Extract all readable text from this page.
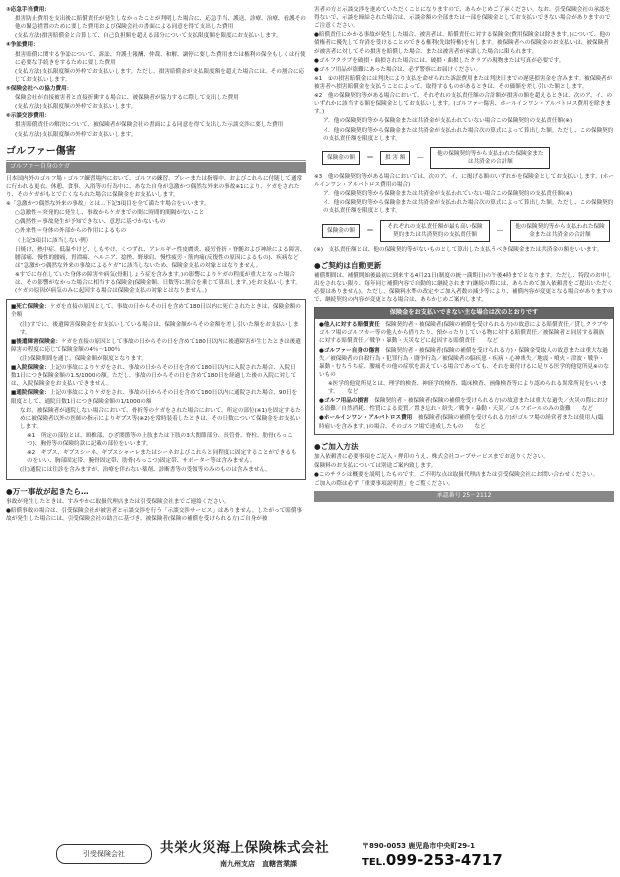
③応急手当費用：

損害防止費用を支出後に賠償責任が発生しなかったことが判明した場合に、応急手当、護送、診療、治療、看護その他の緊急措置のために要した費用および保険会社の書面による同意を得て支出した費用

(支払方法)損害賠償金と合算して、自己負担額を超える部分について支払限度額を限度にお支払いします。

④争訟費用：

損害賠償に関する争訟について、訴訟、弁護士報酬、仲裁、和解、調停に要した費用または権利の保全もしくは行使に必要な手続きをするために要した費用

(支払方法)支払限度額の外枠でお支払いします。ただし、損害賠償金が支払限度額を超えた場合には、その割合に応じてお支払いします。

⑤保険会社への協力費用：

保険会社が直接被害者と直接折衝する場合に、被保険者が協力するに際して支出した費用

(支払方法)支払限度額の外枠でお支払いします。

⑥示談交渉費用：

損害賠償責任の解決について、被保険者が保険会社の書面による同意を得て支出した示談交渉に要した費用

(支払方法)支払限度額の外枠でお支払いします。

ゴルファー傷害
ゴルファー自身のケガ

日本国内外のゴルフ場・ゴルフ練習場内において、ゴルフの練習、プレーまたは指導中、およびこれらに付随して通常に行われる更衣、休憩、食事、入浴等の行為中に、あなた自身が急激かつ偶然な外来の事故※1により、ケガをされたり、そのケガがもとで亡くなられた場合に保険金をお支払いします。

※「急激かつ偶然な外来の事故」とは…下記3項目を全て満たす場合をいいます。

○急激性＝突発的に発生し、事故からケガまでの間に時間的間隔がないこと

○偶然性＝事故発生が予知できない、意思に基づかないもの

○外来性＝身体の外部からの作用によるもの

（上記3項目に該当しない例）

日焼け、熱中症、低温やけど、しもやけ、くつずれ、アレルギー性皮膚炎、疲労骨折・脊髄および神経による障害、腰部痛、慢性的腰痛、胃潰瘍、ヘルニア、捻挫、野球肩、慢性疲労・筋肉痛(反復性の原因によるもの)、疾病など は“急激かつ偶然な外来の事故によるケガ”に該当しないため、保険金支払の対象とはなりません。

※すでに存在していた身体の障害や病気(骨粗しょう症を含みます。)の影響によりケガの程度が重大となった場合は、その影響がなかった場合に相当する保険金(保険金額、日数等に割合を乗じて算出します。)をお支払いします。(ケガの原因が病気のみに起因する場合は保険金支払の対象とはなりません。)

■死亡保険金：ケガを直接の原因として、事故の日からその日を含めて180日以内に死亡されたときは、保険金額の全額

(注)すでに、後遺障害保険金をお支払いしている場合は、保険金額からその金額を差し引いた額をお支払いします。

■後遺障害保険金：ケガを直接の原因として事故の日からその日を含めて180日以内に後遺障害が生じたときは後遺障害の程度に応じて保険金額の4％～100％

(注)保険期間を通じ、保険金額が限度となります。

■入院保険金：上記の事故によりケガをされ、事故の日からその日を含めて180日以内に入院された場合、入院日数1日につき保険金額の1.5/1000の額。ただし、事故の日からその日を含めて180日を経過した後の入院に対しては、入院保険金をお支払いできません。

■通院保険金：上記の事故によりケガをされ、事故の日からその日を含めて180日以内に通院された場合、90日を限度として、通院日数1日につき保険金額の1/1000の額

なお、被保険者が通院しない場合において、骨折等のケガをされた場合において、所定の部位(※1)を固定するために被保険者以外の医師の指示によりギプス等(※2)を常時装着したときは、その日数について保険金をお支払いします。

※1　所定の部位とは、頸椎部、ひざ関節等の上肢または下肢の3大関節部分、長管骨、脊柱、肋骨(ろっこつ)、胸骨等の保険約款に記載の部位をいいます。

※2　ギプス、ギプスシーネ、ギプスシャーレまたはシーネおよびこれらと同程度に固定することができるものをいい、胸部固定帯、腕骨固定帯、肋骨(ろっこつ)固定帯、サポーター等は含みません。

(注)通院には往診を含みますが、治療を伴わない薬剤、診断書等の受領等のみのものは含みません。

●万一事故が起きたら…

事故が発生したときは、すみやかに取扱代理店または引受保険会社までご連絡ください。

●賠償事故の場合は、引受保険会社が被害者と示談交渉を行う「示談交渉サービス」はありません。したがって賠償事故が発生した場合には、引受保険会社の助言に基づき、被保険者(保険の補償を受けられる方)ご自身が被

害者の方と示談交渉を進めていただくことになりますので、あらかじめご了承ください。なお、引受保険会社の承認を得ないで、示談を締結された場合は、示談金額の全部または一部を保険金としてお支払いできない場合がありますのでご注意ください。

●賠償責任にかかる事故が発生した場合、被害者は、賠償責任に対する保険金(費用保険金は除きます。)について、他の債権者に優先して弁済を受けることのできる権利(先取特権)を有します。被保険者への保険金のお支払いは、被保険者が被害者に対してその損害を賠償した場合、または被害者が承諾した場合に限られます。

●ゴルフクラブを破損・曲損された場合には、破損・曲損したクラブの現物または写真が必要です。

●ゴルフ用品が盗難にあった場合は、必ず警察にお届けください。

※1　①の損害賠償金には判決により支払を命ぜられた訴訟費用または判決日までの遅延損害金を含みます。被保険者が被害者へ損害賠償金を支払うことによって、取得するものがあるときは、その価額を差し引いた額とします。

※2　他の保険契約等がある場合において、それぞれの支払責任額の合計額が損害の額を超えるときは、次のア、イ、のいずれかに該当する額を保険金としてお支払いします。(ゴルファー傷害、ホールインワン・アルバトロス費用を除きます。)

ア．他の保険契約等から保険金または共済金が支払われていない場合この保険契約の支払責任額(※)

イ．他の保険契約等から保険金または共済金が支払われた場合次の算式によって算出した額。ただし、この保険契約の支払責任額を限度とします。

保険金の額	＝	損 害 額	－	他の保険契約等から支払われた保険金または共済金の合計額

※3　他の保険契約等がある場合においては、次のア、イ、に掲げる額のいずれかを保険金としてお支払いします。(ホールインワン・アルバトロス費用の場合)

ア．他の保険契約等から保険金または共済金が支払われていない場合この保険契約の支払責任額(※)

イ．他の保険契約等から保険金または共済金が支払われた場合次の算式によって算出した額。ただし、この保険契約の支払責任額を限度とします。

保険金の額	＝	それぞれの支払責任額が最も高い保険契約または共済契約の支払責任額	－	他の保険契約等から支払われた保険金または共済金の合計額

(※)　支払責任額とは、他の保険契約等がないものとして算出した支払うべき保険金または共済金の額をいいます。

●ご契約は自動更新

補償期間は、補償開始後最初に到来する4月21日(制度の統一満期日)の午後4時までとなります。ただし、特段のお申し出をされない限り、毎年同じ補償内容で自動的に継続されます(継続の際には、あらためて加入依頼書をご提出いただく必要はありません)。ただし、保険料水準の改定やご加入者数の減少等により、補償内容が変更となる場合がありますので、継続契約の内容が変更となる場合は、あらかじめご案内します。

保険金をお支払いできない主な場合は次のとおりです

●他人に対する賠償責任　 保険契約者・被保険者(保険の補償を受けられる方)の故意による賠償責任／貸しクラブやゴルフ場のゴルフカー等の他人から借りたり、預かったりしている物に対する賠償責任／被保険者と同居する親族に対する賠償責任／戦争・暴動・天災などに起因する賠償責任　　など

●ゴルファー自身の傷害　 保険契約者・被保険者(保険の補償を受けられる方)・保険金受取人の故意または重大な過失／被保険者の自殺行為・犯罪行為・闘争行為／被保険者の脳疾患・疾病・心神喪失／地震・噴火・津波・戦争・暴動・むちうち症、腰痛その他の症状を訴えている場合であっても、それを裏付けるに足りる医学的他覚所見※のないもの

※医学的他覚所見とは、理学的検査、神経学的検査、臨床検査、画像検査等により認められる異常所見をいいます。　　など

●ゴルフ用品の損害　 保険契約者・被保険者(保険の補償を受けられる方)の故意または重大な過失／火災の際における盗難／自然消耗、性質による変質／置き忘れ・紛失／戦争・暴動・天災／ゴルフボールのみの盗難　　など

●ホールインワン・アルバトロス費用　 被保険者(保険の補償を受けられる方)がゴルフ場の経営者または使用人(臨時雇いを含みます。)の場合、そのゴルフ場で達成したもの　　など

●ご加入方法

加入依頼書に必要事項をご記入・押印のうえ、株式会社コープサービスまでお送りください。

保険料のお支払については別途ご案内致します。

●このチラシは概要を説明したものです。ご不明な点は取扱代理店または引受保険会社にお問い合わせください。

ご加入の際は必ず「重要事項説明書」をご覧ください。

承認番号 25－2112
引受保険会社	共栄火災海上保険株式会社
南九州支店　直轄営業課
〒890-0053 鹿児島市中央町29-1
TEL.099-253-4717
